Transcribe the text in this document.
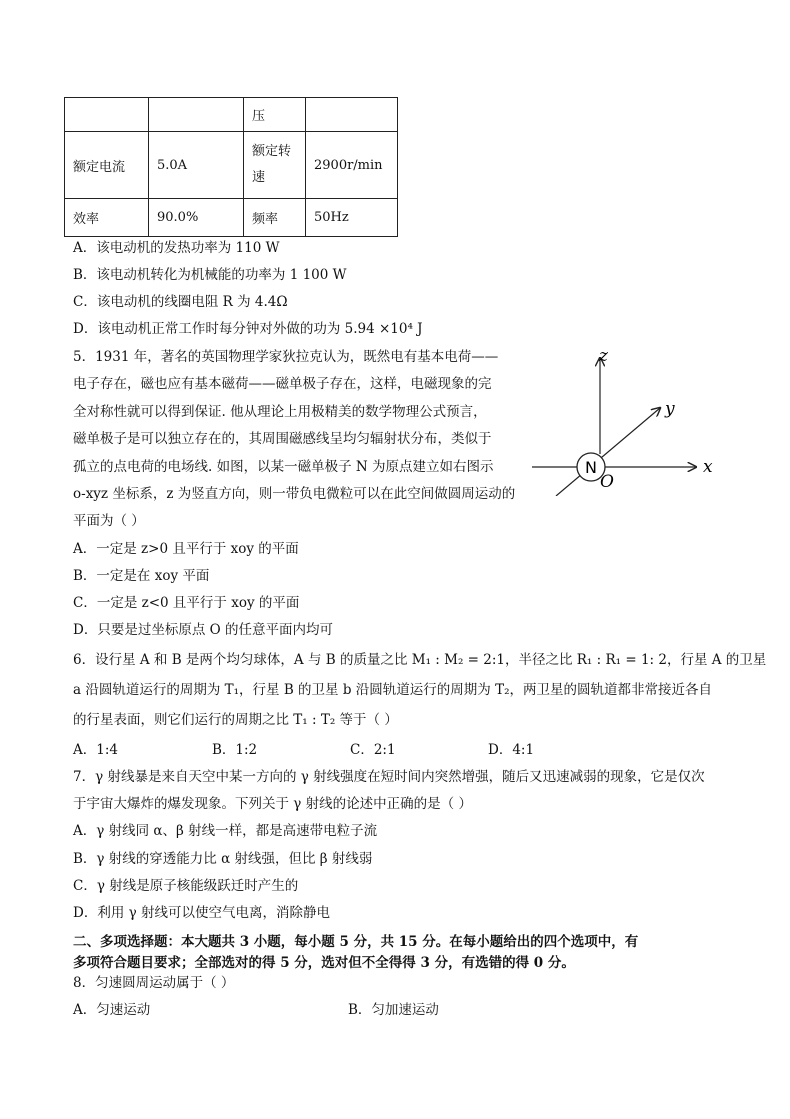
		压	
额定电流	5.0A	额定转速	2900r/min
效率	90.0%	频率	50Hz
A．该电动机的发热功率为 110 W
B．该电动机转化为机械能的功率为 1 100 W
C．该电动机的线圈电阻 R 为 4.4Ω
D．该电动机正常工作时每分钟对外做的功为 5.94 ×10⁴ J
5．1931 年，著名的英国物理学家狄拉克认为，既然电有基本电荷——
电子存在，磁也应有基本磁荷——磁单极子存在，这样，电磁现象的完
全对称性就可以得到保证. 他从理论上用极精美的数学物理公式预言，
磁单极子是可以独立存在的，其周围磁感线呈均匀辐射状分布，类似于
孤立的点电荷的电场线. 如图，以某一磁单极子 N 为原点建立如右图示
o-xyz 坐标系，z 为竖直方向，则一带负电微粒可以在此空间做圆周运动的
平面为（ ）
N
O
z
y
x
A．一定是 z>0 且平行于 xoy 的平面
B．一定是在 xoy 平面
C．一定是 z<0 且平行于 xoy 的平面
D．只要是过坐标原点 O 的任意平面内均可
6．设行星 A 和 B 是两个均匀球体，A 与 B 的质量之比 M₁ : M₂ = 2:1，半径之比 R₁ : R₁ = 1: 2，行星 A 的卫星
a 沿圆轨道运行的周期为 T₁，行星 B 的卫星 b 沿圆轨道运行的周期为 T₂，两卫星的圆轨道都非常接近各自
的行星表面，则它们运行的周期之比 T₁ : T₂ 等于（ ）
A．1:4	B．1:2	C．2:1	D．4:1
7．γ 射线暴是来自天空中某一方向的 γ 射线强度在短时间内突然增强，随后又迅速减弱的现象，它是仅次
于宇宙大爆炸的爆发现象。下列关于 γ 射线的论述中正确的是（ ）
A．γ 射线同 α、β 射线一样，都是高速带电粒子流
B．γ 射线的穿透能力比 α 射线强，但比 β 射线弱
C．γ 射线是原子核能级跃迁时产生的
D．利用 γ 射线可以使空气电离，消除静电
二、多项选择题：本大题共 3 小题，每小题 5 分，共 15 分。在每小题给出的四个选项中，有
多项符合题目要求；全部选对的得 5 分，选对但不全得得 3 分，有选错的得 0 分。
8．匀速圆周运动属于（ ）
A．匀速运动	B．匀加速运动
